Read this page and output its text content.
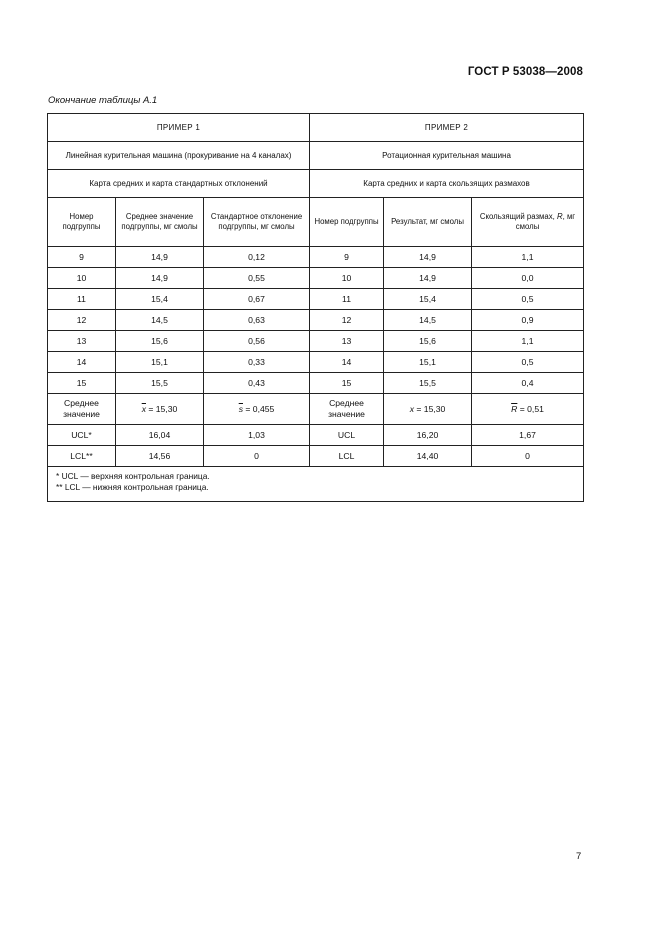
ГОСТ Р 53038—2008
Окончание таблицы А.1
ПРИМЕР 1			ПРИМЕР 2		
Линейная курительная машина (прокуривание на 4 каналах)			Ротационная курительная машина		
Карта средних и карта стандартных отклонений			Карта средних и карта скользящих размахов		
Номер подгруппы	Среднее значение подгруппы, мг смолы	Стандартное отклонение подгруппы, мг смолы	Номер подгруппы	Результат, мг смолы	Скользящий размах, R, мг смолы
9	14,9	0,12	9	14,9	1,1
10	14,9	0,55	10	14,9	0,0
11	15,4	0,67	11	15,4	0,5
12	14,5	0,63	12	14,5	0,9
13	15,6	0,56	13	15,6	1,1
14	15,1	0,33	14	15,1	0,5
15	15,5	0,43	15	15,5	0,4
Среднее значение	$\overline{x} = 15,30$	$\overline{s} = 0,455$	Среднее значение	x = 15,30	$\overline{R} = 0,51$
UCL*	16,04	1,03	UCL	16,20	1,67
LCL**	14,56	0	LCL	14,40	0

* UCL — верхняя контрольная граница.
** LCL — нижняя контрольная граница.					
7
